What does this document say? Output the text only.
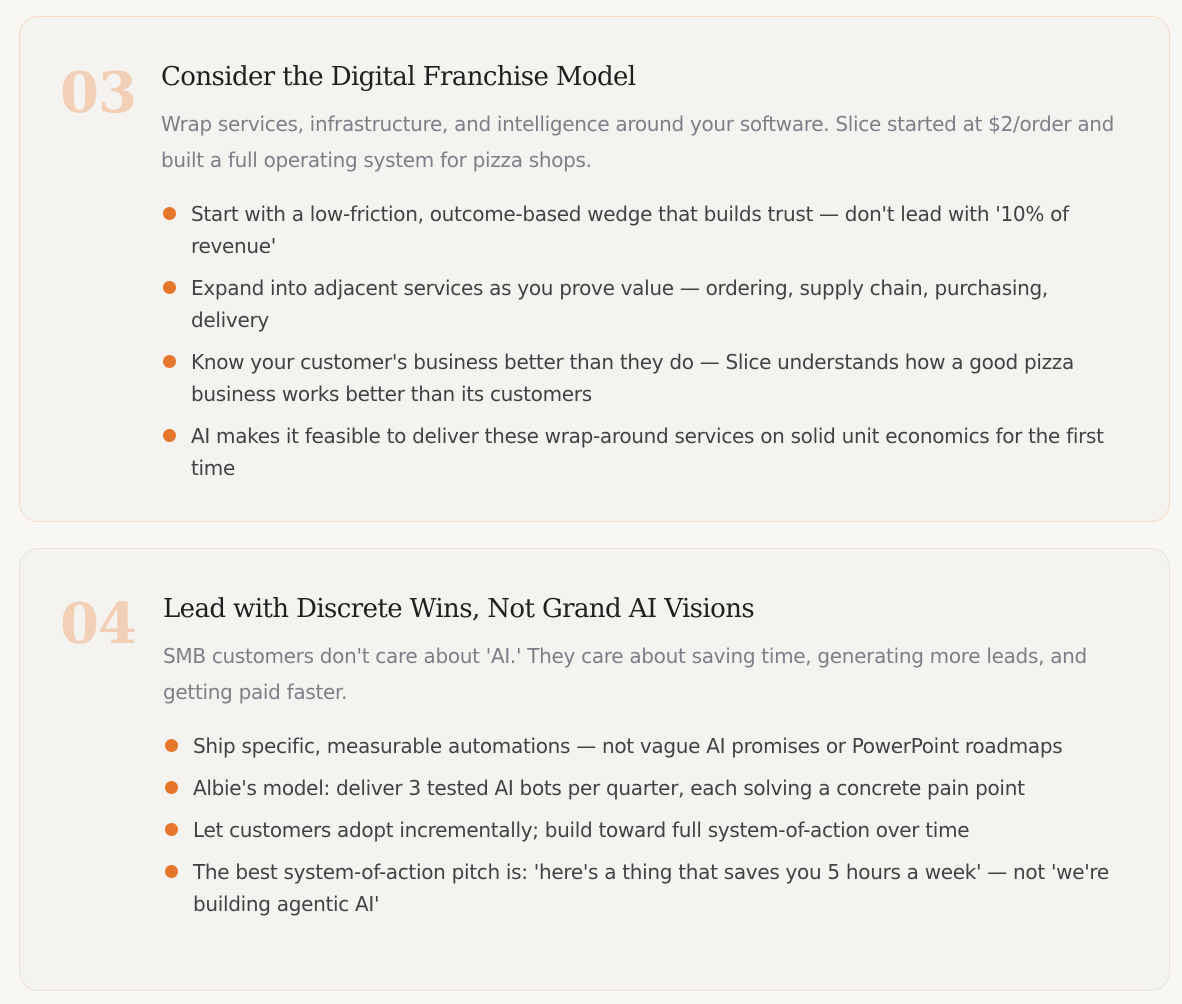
03 Consider the Digital Franchise Model

Wrap services, infrastructure, and intelligence around your software. Slice started at $2/order and built a full operating system for pizza shops.

Start with a low-friction, outcome-based wedge that builds trust — don't lead with '10% of revenue'
Expand into adjacent services as you prove value — ordering, supply chain, purchasing, delivery
Know your customer's business better than they do — Slice understands how a good pizza business works better than its customers
AI makes it feasible to deliver these wrap-around services on solid unit economics for the first time
04 Lead with Discrete Wins, Not Grand AI Visions

SMB customers don't care about 'AI.' They care about saving time, generating more leads, and getting paid faster.

Ship specific, measurable automations — not vague AI promises or PowerPoint roadmaps
Albie's model: deliver 3 tested AI bots per quarter, each solving a concrete pain point
Let customers adopt incrementally; build toward full system-of-action over time
The best system-of-action pitch is: 'here's a thing that saves you 5 hours a week' — not 'we're building agentic AI'
